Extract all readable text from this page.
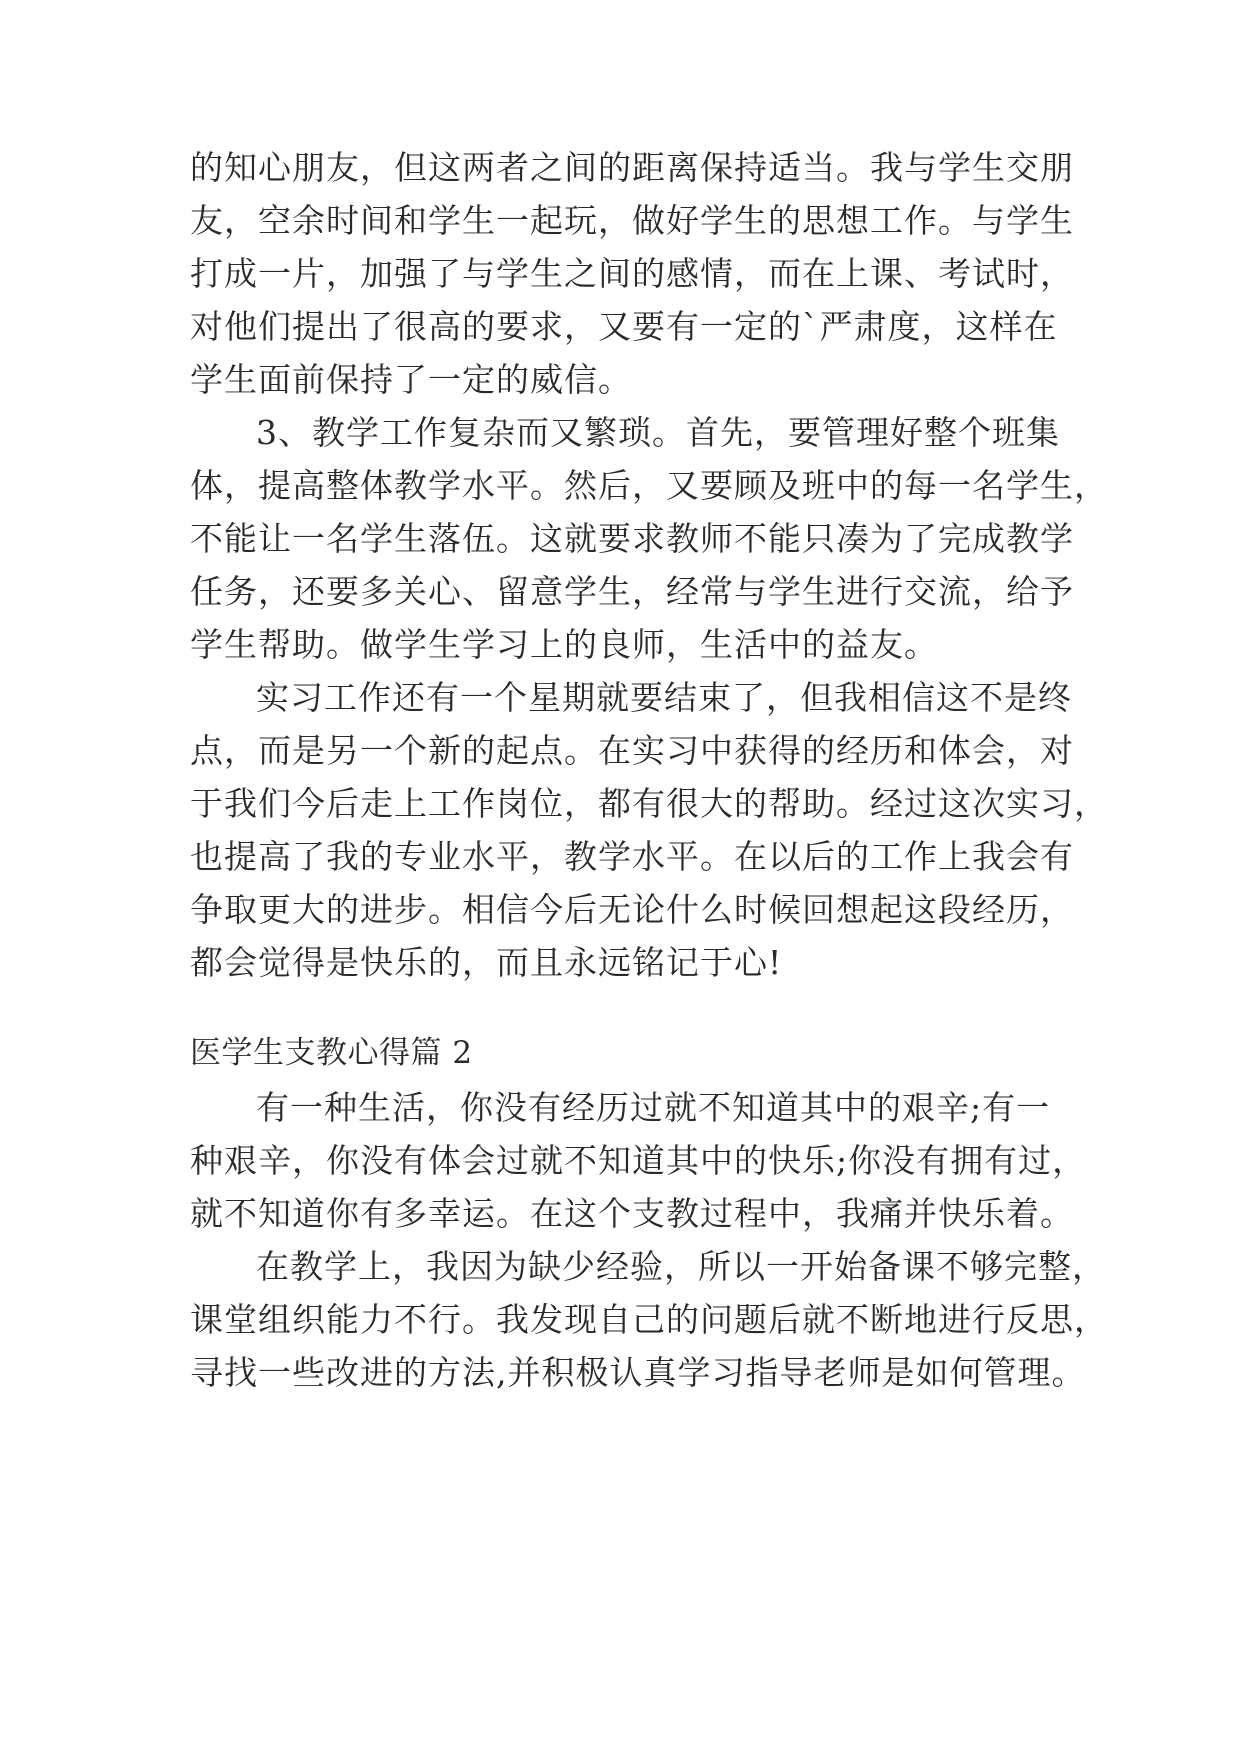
的知心朋友，但这两者之间的距离保持适当。我与学生交朋
友，空余时间和学生一起玩，做好学生的思想工作。与学生
打成一片，加强了与学生之间的感情，而在上课、考试时，
对他们提出了很高的要求，又要有一定的`严肃度，这样在
学生面前保持了一定的威信。
3、教学工作复杂而又繁琐。首先，要管理好整个班集
体，提高整体教学水平。然后，又要顾及班中的每一名学生，
不能让一名学生落伍。这就要求教师不能只凑为了完成教学
任务，还要多关心、留意学生，经常与学生进行交流，给予
学生帮助。做学生学习上的良师，生活中的益友。
实习工作还有一个星期就要结束了，但我相信这不是终
点，而是另一个新的起点。在实习中获得的经历和体会，对
于我们今后走上工作岗位，都有很大的帮助。经过这次实习，
也提高了我的专业水平，教学水平。在以后的工作上我会有
争取更大的进步。相信今后无论什么时候回想起这段经历，
都会觉得是快乐的，而且永远铭记于心!
医学生支教心得篇 2
有一种生活，你没有经历过就不知道其中的艰辛;有一
种艰辛，你没有体会过就不知道其中的快乐;你没有拥有过，
就不知道你有多幸运。在这个支教过程中，我痛并快乐着。
在教学上，我因为缺少经验，所以一开始备课不够完整，
课堂组织能力不行。我发现自己的问题后就不断地进行反思，
寻找一些改进的方法,并积极认真学习指导老师是如何管理。
